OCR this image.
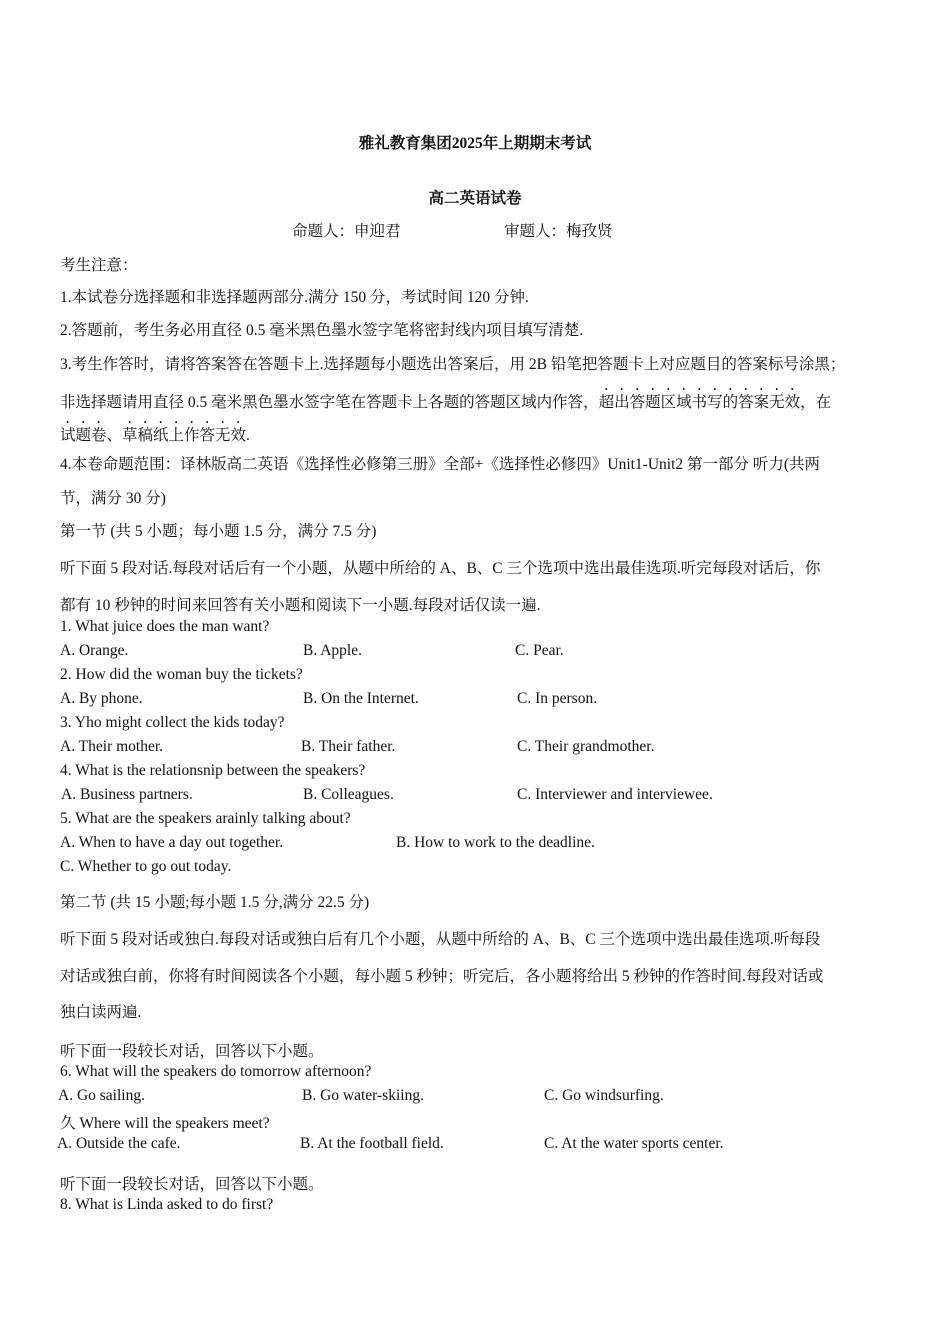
雅礼教育集团2025年上期期末考试
高二英语试卷
命题人：申迎君	审题人：梅孜贤
考生注意：
1.本试卷分选择题和非选择题两部分.满分 150 分，考试时间 120 分钟.
2.答题前，考生务必用直径 0.5 毫米黑色墨水签字笔将密封线内项目填写清楚.
3.考生作答时，请将答案答在答题卡上.选择题每小题选出答案后，用 2B 铅笔把答题卡上对应题目的答案标号涂黑；
非选择题请用直径 0.5 毫米黑色墨水签字笔在答题卡上各题的答题区域内作答，超出答题区域书写的答案无效，在
试题卷、草稿纸上作答无效.
4.本卷命题范围：译林版高二英语《选择性必修第三册》全部+《选择性必修四》Unit1-Unit2 第一部分 听力(共两
节，满分 30 分)
第一节 (共 5 小题；每小题 1.5 分，满分 7.5 分)
听下面 5 段对话.每段对话后有一个小题，从题中所给的 A、B、C 三个选项中选出最佳选项.听完每段对话后，你
都有 10 秒钟的时间来回答有关小题和阅读下一小题.每段对话仅读一遍.
1. What juice does the man want?
A. Orange.	B. Apple.	C. Pear.
2. How did the woman buy the tickets?
A. By phone.	B. On the Internet.	C. In person.
3. Yho might collect the kids today?
A. Their mother.	B. Their father.	C. Their grandmother.
4. What is the relationsnip between the speakers?
A. Business partners.	B. Colleagues.	C. Interviewer and interviewee.
5. What are the speakers arainly talking about?
A. When to have a day out together.	B. How to work to the deadline.
C. Whether to go out today.
第二节 (共 15 小题;每小题 1.5 分,满分 22.5 分)
听下面 5 段对话或独白.每段对话或独白后有几个小题，从题中所给的 A、B、C 三个选项中选出最佳选项.听每段
对话或独白前，你将有时间阅读各个小题，每小题 5 秒钟；听完后，各小题将给出 5 秒钟的作答时间.每段对话或
独白读两遍.
听下面一段较长对话，回答以下小题。
6. What will the speakers do tomorrow afternoon?
A. Go sailing.	B. Go water-skiing.	C. Go windsurfing.
久 Where will the speakers meet?
A. Outside the cafe.	B. At the football field.	C. At the water sports center.
听下面一段较长对话，回答以下小题。
8. What is Linda asked to do first?
